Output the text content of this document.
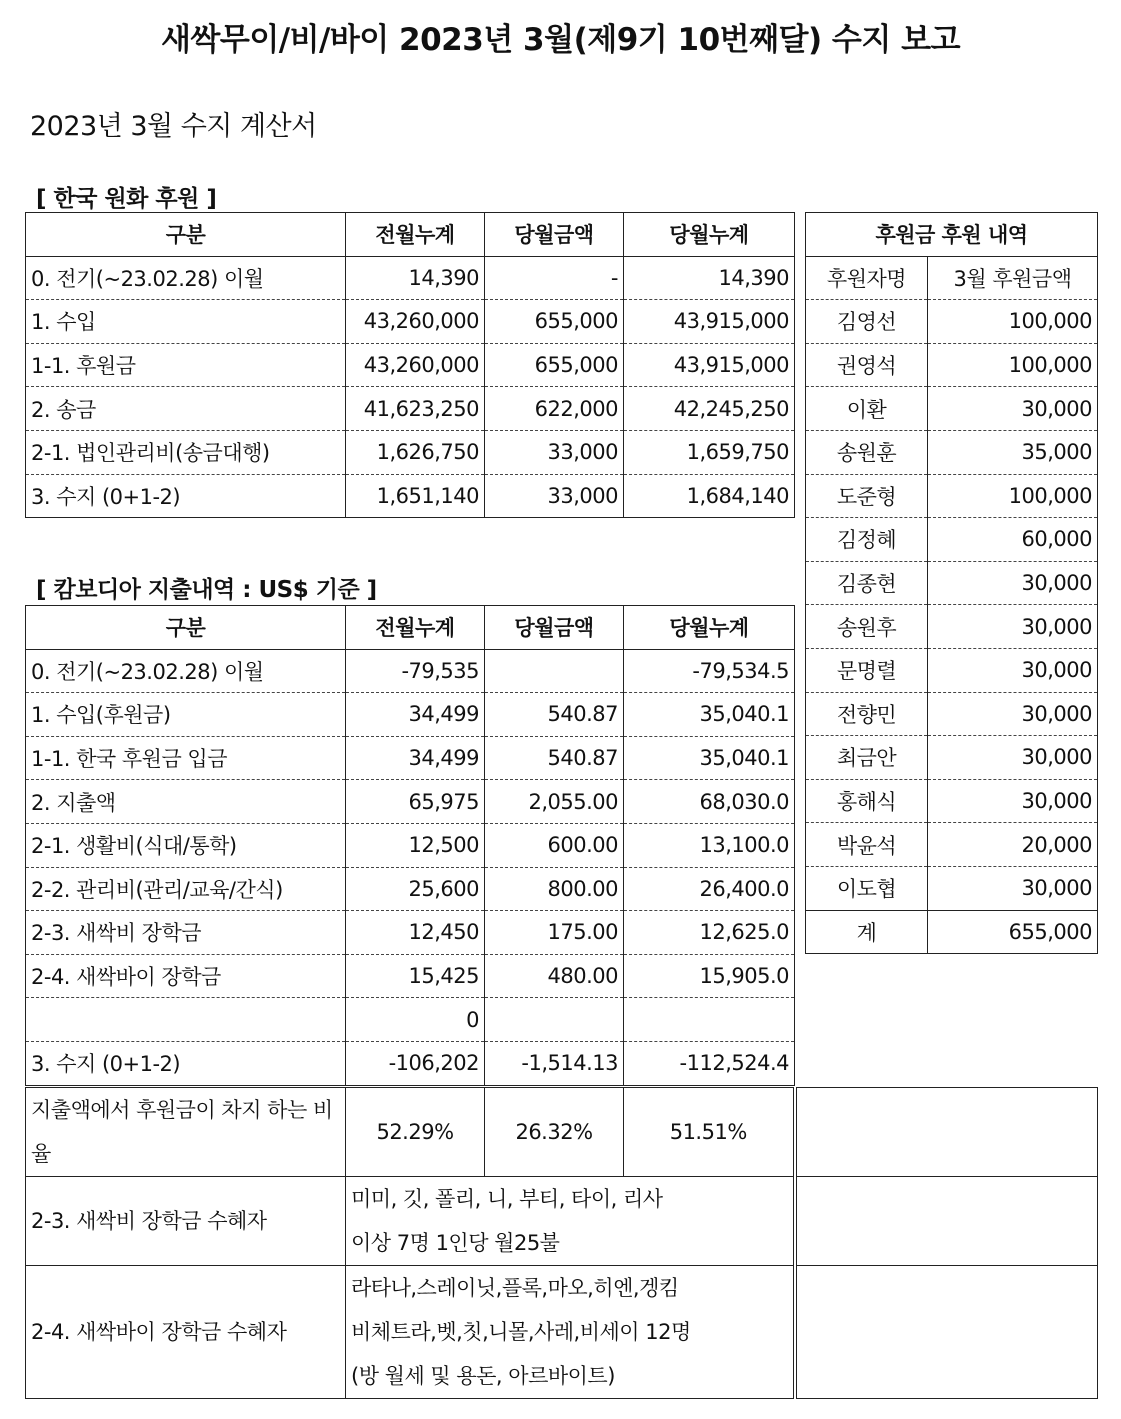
새싹무이/비/바이 2023년 3월(제9기 10번째달) 수지 보고
2023년 3월 수지 계산서
[ 한국 원화 후원 ]
구분	전월누계	당월금액	당월누계
0. 전기(~23.02.28) 이월	14,390	-	14,390
1. 수입	43,260,000	655,000	43,915,000
1-1. 후원금	43,260,000	655,000	43,915,000
2. 송금	41,623,250	622,000	42,245,250
2-1. 법인관리비(송금대행)	1,626,750	33,000	1,659,750
3. 수지 (0+1-2)	1,651,140	33,000	1,684,140
후원금 후원 내역	
후원자명	3월 후원금액
김영선	100,000
권영석	100,000
이환	30,000
송원훈	35,000
도준형	100,000
김정혜	60,000
김종현	30,000
송원후	30,000
문명렬	30,000
전향민	30,000
최금안	30,000
홍해식	30,000
박윤석	20,000
이도협	30,000
계	655,000
[ 캄보디아 지출내역 : US$ 기준 ]
구분	전월누계	당월금액	당월누계
0. 전기(~23.02.28) 이월	-79,535		-79,534.5
1. 수입(후원금)	34,499	540.87	35,040.1
1-1. 한국 후원금 입금	34,499	540.87	35,040.1
2. 지출액	65,975	2,055.00	68,030.0
2-1. 생활비(식대/통학)	12,500	600.00	13,100.0
2-2. 관리비(관리/교육/간식)	25,600	800.00	26,400.0
2-3. 새싹비 장학금	12,450	175.00	12,625.0
2-4. 새싹바이 장학금	15,425	480.00	15,905.0
	0		
3. 수지 (0+1-2)	-106,202	-1,514.13	-112,524.4
지출액에서 후원금이 차지 하는 비율	52.29%	26.32%	51.51%	
2-3. 새싹비 장학금 수혜자	미미, 깃, 폴리, 니, 부티, 타이, 리사
이상 7명 1인당 월25불			

2-4. 새싹바이 장학금 수혜자	라타나,스레이닛,플록,마오,히엔,겡킴
비체트라,벳,칫,니몰,사레,비세이 12명
(방 월세 및 용돈, 아르바이트)			
